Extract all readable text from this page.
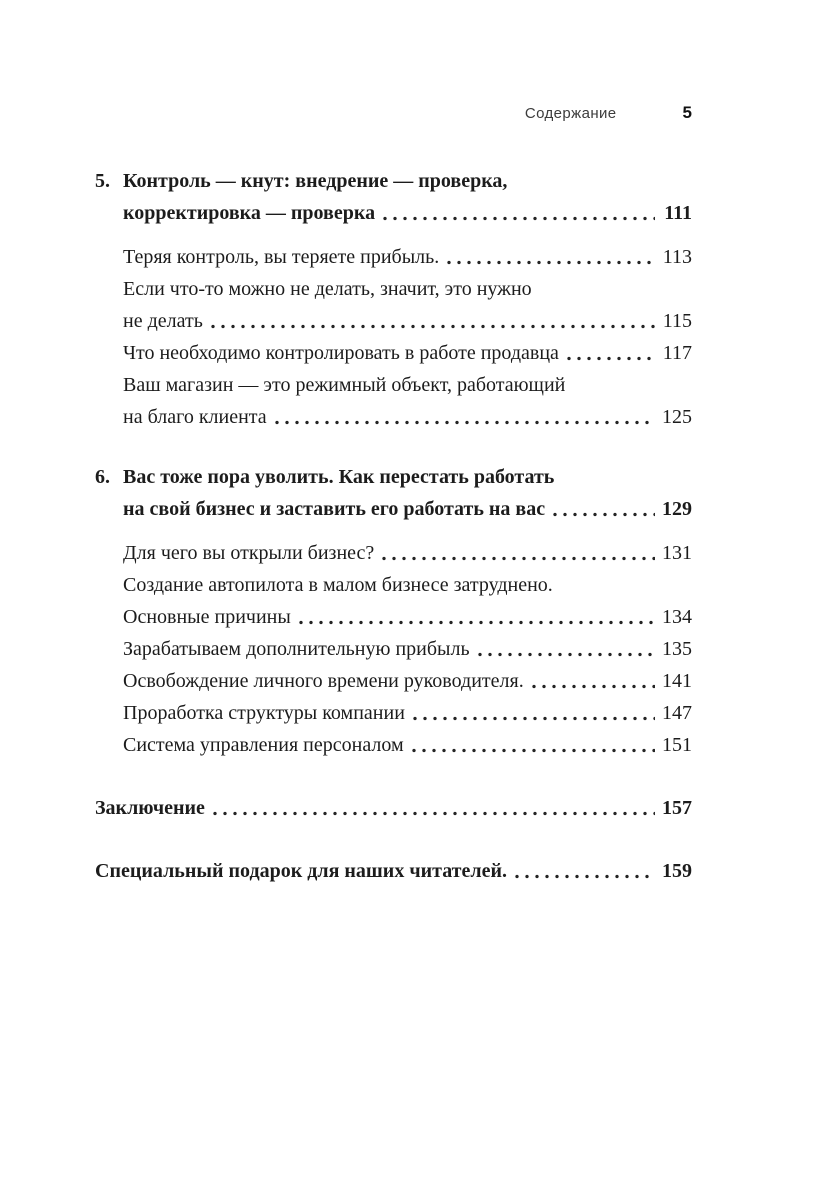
Содержание	5
5. Контроль — кнут: внедрение — проверка,
корректировка — проверка	111
Теряя контроль, вы теряете прибыль.	113
Если что-то можно не делать, значит, это нужно
не делать	115
Что необходимо контролировать в работе продавца	117
Ваш магазин — это режимный объект, работающий
на благо клиента	125
6. Вас тоже пора уволить. Как перестать работать
на свой бизнес и заставить его работать на вас	129
Для чего вы открыли бизнес?	131
Создание автопилота в малом бизнесе затруднено.
Основные причины	134
Зарабатываем дополнительную прибыль	135
Освобождение личного времени руководителя.	141
Проработка структуры компании	147
Система управления персоналом	151
Заключение	157
Специальный подарок для наших читателей.	159
